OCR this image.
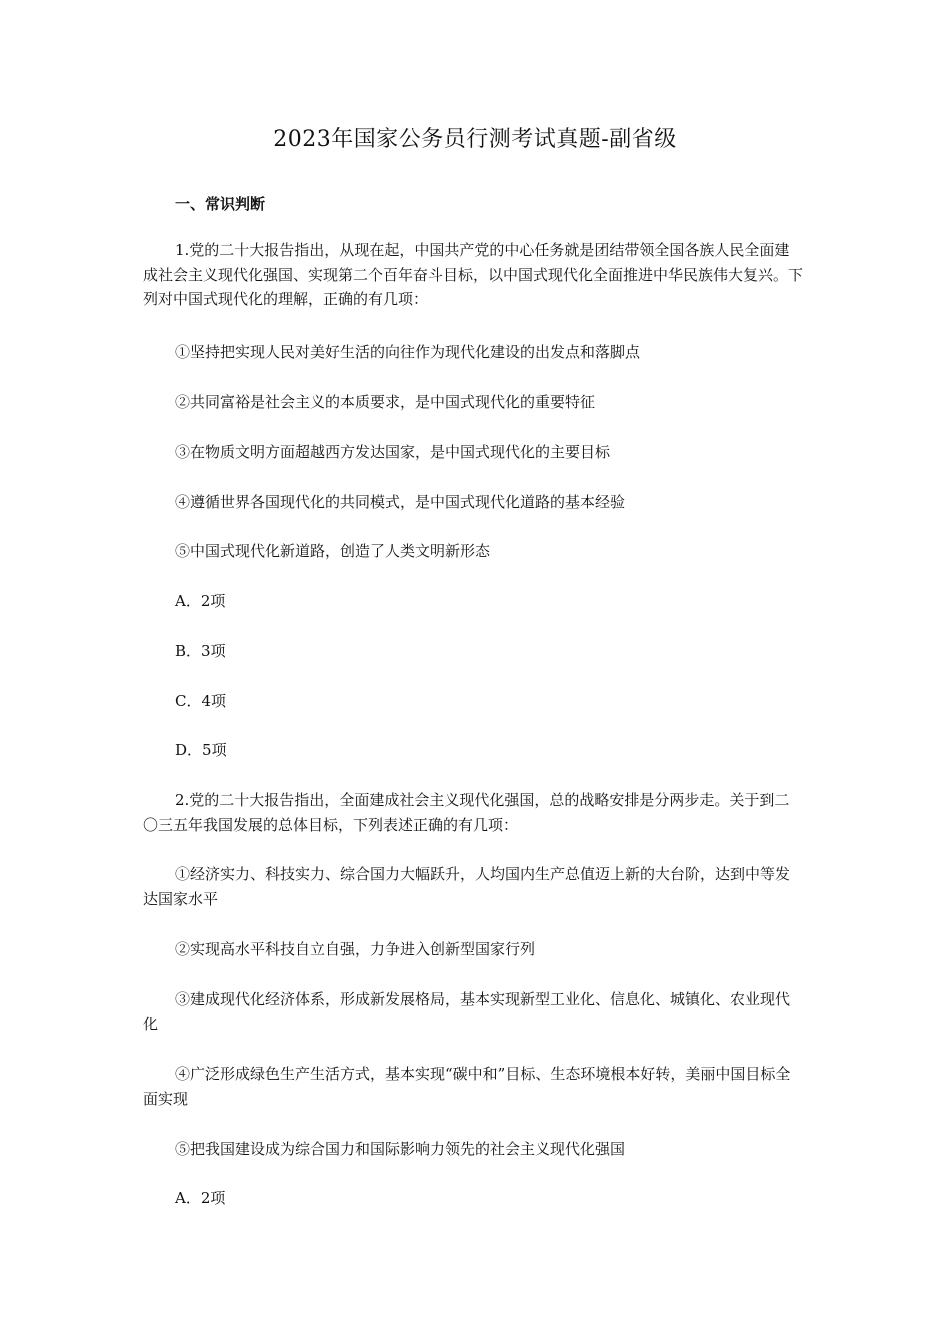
2023年国家公务员行测考试真题-副省级
一、常识判断

1.党的二十大报告指出，从现在起，中国共产党的中心任务就是团结带领全国各族人民全面建成社会主义现代化强国、实现第二个百年奋斗目标，以中国式现代化全面推进中华民族伟大复兴。下列对中国式现代化的理解，正确的有几项：

①坚持把实现人民对美好生活的向往作为现代化建设的出发点和落脚点

②共同富裕是社会主义的本质要求，是中国式现代化的重要特征

③在物质文明方面超越西方发达国家，是中国式现代化的主要目标

④遵循世界各国现代化的共同模式，是中国式现代化道路的基本经验

⑤中国式现代化新道路，创造了人类文明新形态

A．2项

B．3项

C．4项

D．5项

2.党的二十大报告指出，全面建成社会主义现代化强国，总的战略安排是分两步走。关于到二〇三五年我国发展的总体目标，下列表述正确的有几项：

①经济实力、科技实力、综合国力大幅跃升，人均国内生产总值迈上新的大台阶，达到中等发达国家水平

②实现高水平科技自立自强，力争进入创新型国家行列

③建成现代化经济体系，形成新发展格局，基本实现新型工业化、信息化、城镇化、农业现代化

④广泛形成绿色生产生活方式，基本实现“碳中和”目标、生态环境根本好转，美丽中国目标全面实现

⑤把我国建设成为综合国力和国际影响力领先的社会主义现代化强国

A．2项
